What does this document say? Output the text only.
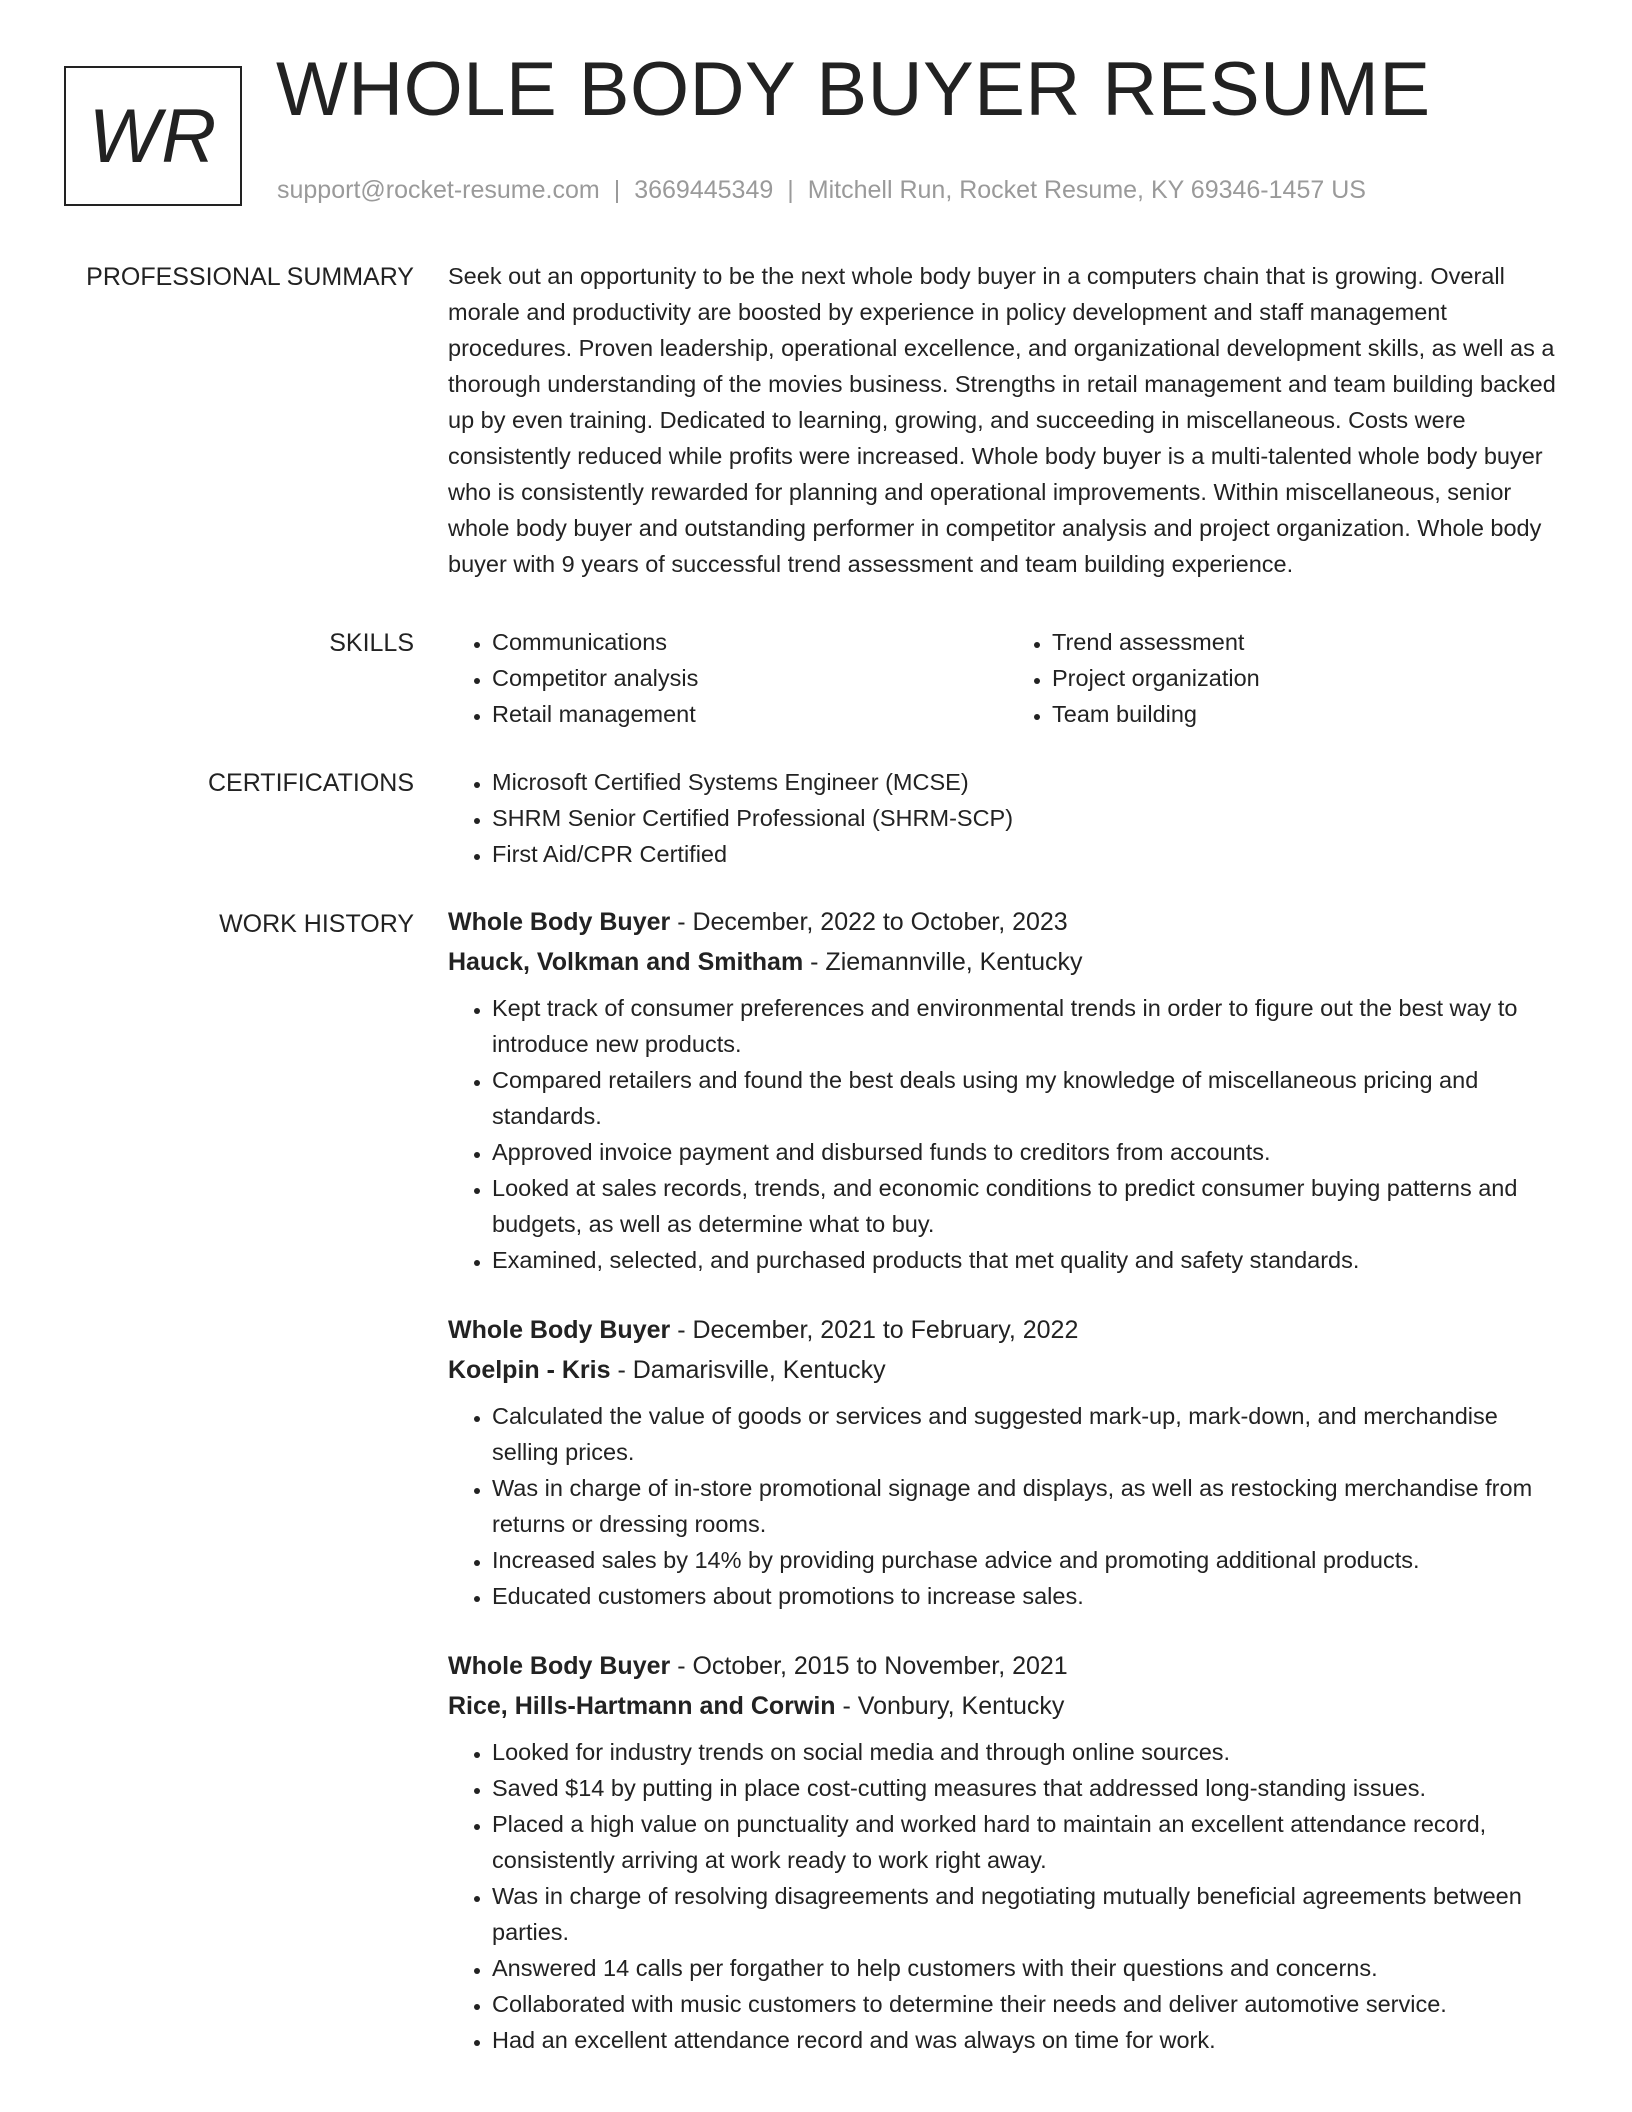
WR
WHOLE BODY BUYER RESUME
support@rocket-resume.com | 3669445349 | Mitchell Run, Rocket Resume, KY 69346-1457 US
PROFESSIONAL SUMMARY Seek out an opportunity to be the next whole body buyer in a computers chain that is growing. Overall morale and productivity are boosted by experience in policy development and staff management procedures. Proven leadership, operational excellence, and organizational development skills, as well as a thorough understanding of the movies business. Strengths in retail management and team building backed up by even training. Dedicated to learning, growing, and succeeding in miscellaneous. Costs were consistently reduced while profits were increased. Whole body buyer is a multi-talented whole body buyer who is consistently rewarded for planning and operational improvements. Within miscellaneous, senior whole body buyer and outstanding performer in competitor analysis and project organization. Whole body buyer with 9 years of successful trend assessment and team building experience.

SKILLS	• Communications
• Competitor analysis
• Retail management
• Trend assessment
• Project organization
• Team building
CERTIFICATIONS	• Microsoft Certified Systems Engineer (MCSE)
• SHRM Senior Certified Professional (SHRM-SCP)
• First Aid/CPR Certified
WORK HISTORY Whole Body Buyer - December, 2022 to October, 2023
Hauck, Volkman and Smitham - Ziemannville, Kentucky
• Kept track of consumer preferences and environmental trends in order to figure out the best way to introduce new products.
• Compared retailers and found the best deals using my knowledge of miscellaneous pricing and standards.
• Approved invoice payment and disbursed funds to creditors from accounts.
• Looked at sales records, trends, and economic conditions to predict consumer buying patterns and budgets, as well as determine what to buy.
• Examined, selected, and purchased products that met quality and safety standards.
Whole Body Buyer - December, 2021 to February, 2022
Koelpin - Kris - Damarisville, Kentucky
• Calculated the value of goods or services and suggested mark-up, mark-down, and merchandise selling prices.
• Was in charge of in-store promotional signage and displays, as well as restocking merchandise from returns or dressing rooms.
• Increased sales by 14% by providing purchase advice and promoting additional products.
• Educated customers about promotions to increase sales.
Whole Body Buyer - October, 2015 to November, 2021
Rice, Hills-Hartmann and Corwin - Vonbury, Kentucky
• Looked for industry trends on social media and through online sources.
• Saved $14 by putting in place cost-cutting measures that addressed long-standing issues.
• Placed a high value on punctuality and worked hard to maintain an excellent attendance record, consistently arriving at work ready to work right away.
• Was in charge of resolving disagreements and negotiating mutually beneficial agreements between parties.
• Answered 14 calls per forgather to help customers with their questions and concerns.
• Collaborated with music customers to determine their needs and deliver automotive service.
• Had an excellent attendance record and was always on time for work.
